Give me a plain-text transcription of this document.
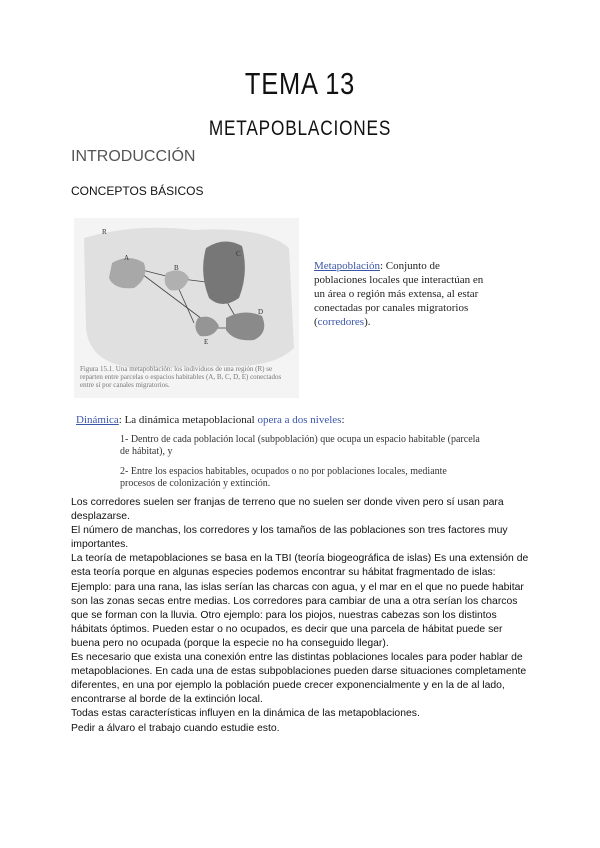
TEMA 13
METAPOBLACIONES
INTRODUCCIÓN
CONCEPTOS BÁSICOS
R
A
B
C
D
E

Figura 15.1. Una metapoblación: los individuos de una región (R) se reparten entre parcelas o espacios habitables (A, B, C, D, E) conectados entre sí por canales migratorios.

Metapoblación: Conjunto de poblaciones locales que interactúan en un área o región más extensa, al estar conectadas por canales migratorios (corredores).

Dinámica: La dinámica metapoblacional opera a dos niveles:

1- Dentro de cada población local (subpoblación) que ocupa un espacio habitable (parcela de hábitat), y

2- Entre los espacios habitables, ocupados o no por poblaciones locales, mediante procesos de colonización y extinción.

Los corredores suelen ser franjas de terreno que no suelen ser donde viven pero sí usan para desplazarse.

El número de manchas, los corredores y los tamaños de las poblaciones son tres factores muy importantes.

La teoría de metapoblaciones se basa en la TBI (teoría biogeográfica de islas) Es una extensión de esta teoría porque en algunas especies podemos encontrar su hábitat fragmentado de islas: Ejemplo: para una rana, las islas serían las charcas con agua, y el mar en el que no puede habitar son las zonas secas entre medias. Los corredores para cambiar de una a otra serían los charcos que se forman con la lluvia. Otro ejemplo: para los piojos, nuestras cabezas son los distintos hábitats óptimos. Pueden estar o no ocupados, es decir que una parcela de hábitat puede ser buena pero no ocupada (porque la especie no ha conseguido llegar).

Es necesario que exista una conexión entre las distintas poblaciones locales para poder hablar de metapoblaciones. En cada una de estas subpoblaciones pueden darse situaciones completamente diferentes, en una por ejemplo la población puede crecer exponencialmente y en la de al lado, encontrarse al borde de la extinción local.

Todas estas características influyen en la dinámica de las metapoblaciones.

Pedir a álvaro el trabajo cuando estudie esto.
